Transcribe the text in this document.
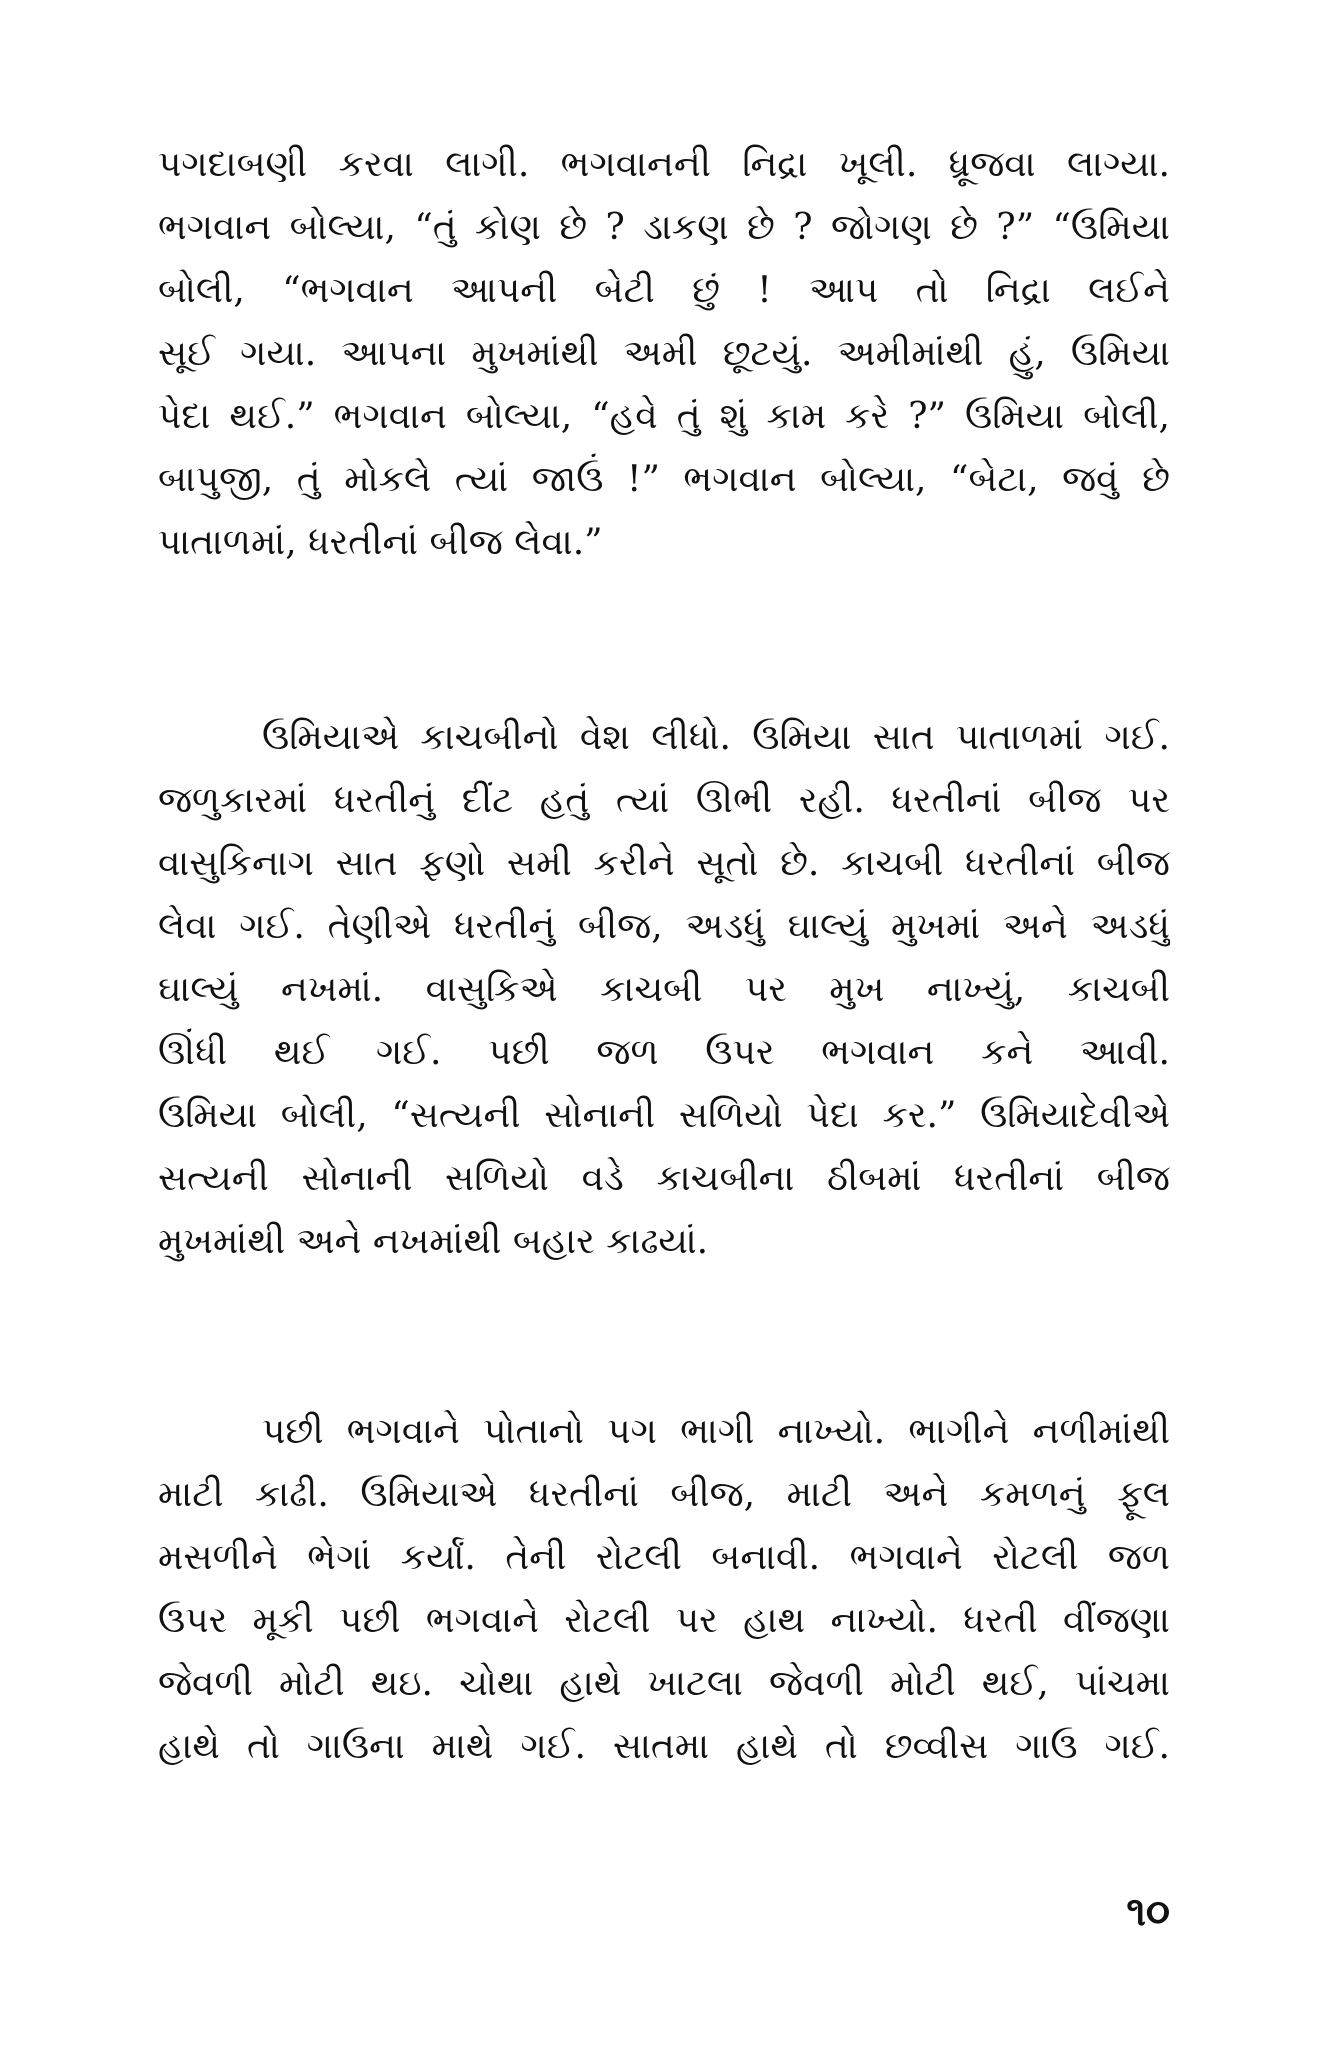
પગદાબણી કરવા લાગી. ભગવાનની નિદ્રા ખૂલી. ધ્રૂજવા લાગ્યા.
ભગવાન બોલ્યા, “તું કોણ છે ? ડાકણ છે ? જોગણ છે ?” “ઉમિયા
બોલી, “ભગવાન આપની બેટી છું ! આપ તો નિદ્રા લઈને
સૂઈ ગયા. આપના મુખમાંથી અમી છૂટયું. અમીમાંથી હું, ઉમિયા
પેદા થઈ.” ભગવાન બોલ્યા, “હવે તું શું કામ કરે ?” ઉમિયા બોલી,
બાપુજી, તું મોકલે ત્યાં જાઉં !” ભગવાન બોલ્યા, “બેટા, જવું છે
પાતાળમાં, ધરતીનાં બીજ લેવા.”
ઉમિયાએ કાચબીનો વેશ લીધો. ઉમિયા સાત પાતાળમાં ગઈ.
જળુકારમાં ધરતીનું દીંટ હતું ત્યાં ઊભી રહી. ધરતીનાં બીજ પર
વાસુકિનાગ સાત ફણો સમી કરીને સૂતો છે. કાચબી ધરતીનાં બીજ
લેવા ગઈ. તેણીએ ધરતીનું બીજ, અડધું ઘાલ્યું મુખમાં અને અડધું
ઘાલ્યું નખમાં. વાસુકિએ કાચબી પર મુખ નાખ્યું, કાચબી
ઊંધી થઈ ગઈ. પછી જળ ઉપર ભગવાન કને આવી.
ઉમિયા બોલી, “સત્યની સોનાની સળિયો પેદા કર.” ઉમિયાદેવીએ
સત્યની સોનાની સળિયો વડે કાચબીના ઠીબમાં ધરતીનાં બીજ
મુખમાંથી અને નખમાંથી બહાર કાઢયાં.
પછી ભગવાને પોતાનો પગ ભાગી નાખ્યો. ભાગીને નળીમાંથી
માટી કાઢી. ઉમિયાએ ધરતીનાં બીજ, માટી અને કમળનું ફૂલ
મસળીને ભેગાં કર્યાં. તેની રોટલી બનાવી. ભગવાને રોટલી જળ
ઉપર મૂકી પછી ભગવાને રોટલી પર હાથ નાખ્યો. ધરતી વીંજણા
જેવળી મોટી થઇ. ચોથા હાથે ખાટલા જેવળી મોટી થઈ, પાંચમા
હાથે તો ગાઉના માથે ગઈ. સાતમા હાથે તો છવ્વીસ ગાઉ ગઈ.
૧૦
